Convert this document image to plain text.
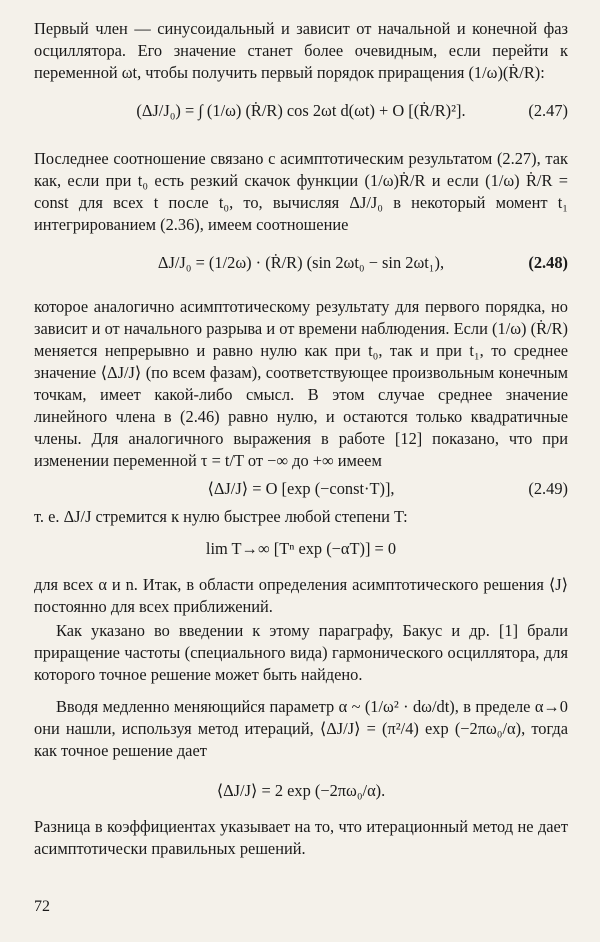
Первый член — синусоидальный и зависит от начальной и конечной фаз осциллятора. Его значение станет более очевидным, если перейти к переменной ωt, чтобы получить первый порядок приращения (1/ω)(Ṙ/R):

(ΔJ/J₀) = ∫ (1/ω) (Ṙ/R) cos 2ωt d(ωt) + O [(Ṙ/R)²].	(2.47)

Последнее соотношение связано с асимптотическим результатом (2.27), так как, если при t₀ есть резкий скачок функции (1/ω)Ṙ/R и если (1/ω) Ṙ/R = const для всех t после t₀, то, вычисляя ΔJ/J₀ в некоторый момент t₁ интегрированием (2.36), имеем соотношение

ΔJ/J₀ = (1/2ω) · (Ṙ/R) (sin 2ωt₀ − sin 2ωt₁),	(2.48)

которое аналогично асимптотическому результату для первого порядка, но зависит и от начального разрыва и от времени наблюдения. Если (1/ω) (Ṙ/R) меняется непрерывно и равно нулю как при t₀, так и при t₁, то среднее значение ⟨ΔJ/J⟩ (по всем фазам), соответствующее произвольным конечным точкам, имеет какой-либо смысл. В этом случае среднее значение линейного члена в (2.46) равно нулю, и остаются только квадратичные члены. Для аналогичного выражения в работе [12] показано, что при изменении переменной τ = t/T от −∞ до +∞ имеем

⟨ΔJ/J⟩ = O [exp (−const·T)],	(2.49)

т. е. ΔJ/J стремится к нулю быстрее любой степени T:

lim T→∞ [Tⁿ exp (−αT)] = 0

для всех α и n. Итак, в области определения асимптотического решения ⟨J⟩ постоянно для всех приближений.

Как указано во введении к этому параграфу, Бакус и др. [1] брали приращение частоты (специального вида) гармонического осциллятора, для которого точное решение может быть найдено.

Вводя медленно меняющийся параметр α ~ (1/ω² · dω/dt), в пределе α→0 они нашли, используя метод итераций, ⟨ΔJ/J⟩ = (π²/4) exp (−2πω₀/α), тогда как точное решение дает

⟨ΔJ/J⟩ = 2 exp (−2πω₀/α).

Разница в коэффициентах указывает на то, что итерационный метод не дает асимптотически правильных решений.

72
